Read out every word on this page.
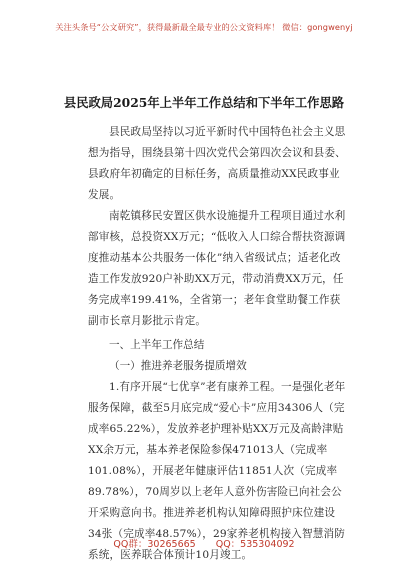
关注头条号“公文研究”，获得最新最全最专业的公文资料库！ 微信：gongwenyj
县民政局2025年上半年工作总结和下半年工作思路

县民政局坚持以习近平新时代中国特色社会主义思想为指导，围绕县第十四次党代会第四次会议和县委、县政府年初确定的目标任务，高质量推动XX民政事业发展。

南乾镇移民安置区供水设施提升工程项目通过水利部审核，总投资XX万元；“低收入人口综合帮扶资源调度推动基本公共服务一体化”纳入省级试点；适老化改造工作发放920户补助XX万元，带动消费XX万元，任务完成率199.41%，全省第一；老年食堂助餐工作获副市长章月影批示肯定。

一、上半年工作总结

（一）推进养老服务提质增效

1.有序开展“七优享”老有康养工程。一是强化老年服务保障，截至5月底完成“爱心卡”应用34306人（完成率65.22%），发放养老护理补贴XX万元及高龄津贴XX余万元，基本养老保险参保471013人（完成率101.08%），开展老年健康评估11851人次（完成率89.78%），70周岁以上老年人意外伤害险已向社会公开采购意向书。推进养老机构认知障碍照护床位建设34张（完成率48.57%），29家养老机构接入智慧消防系统，医养联合体预计10月竣工。

QQ群：30265665 QQ：535304092
